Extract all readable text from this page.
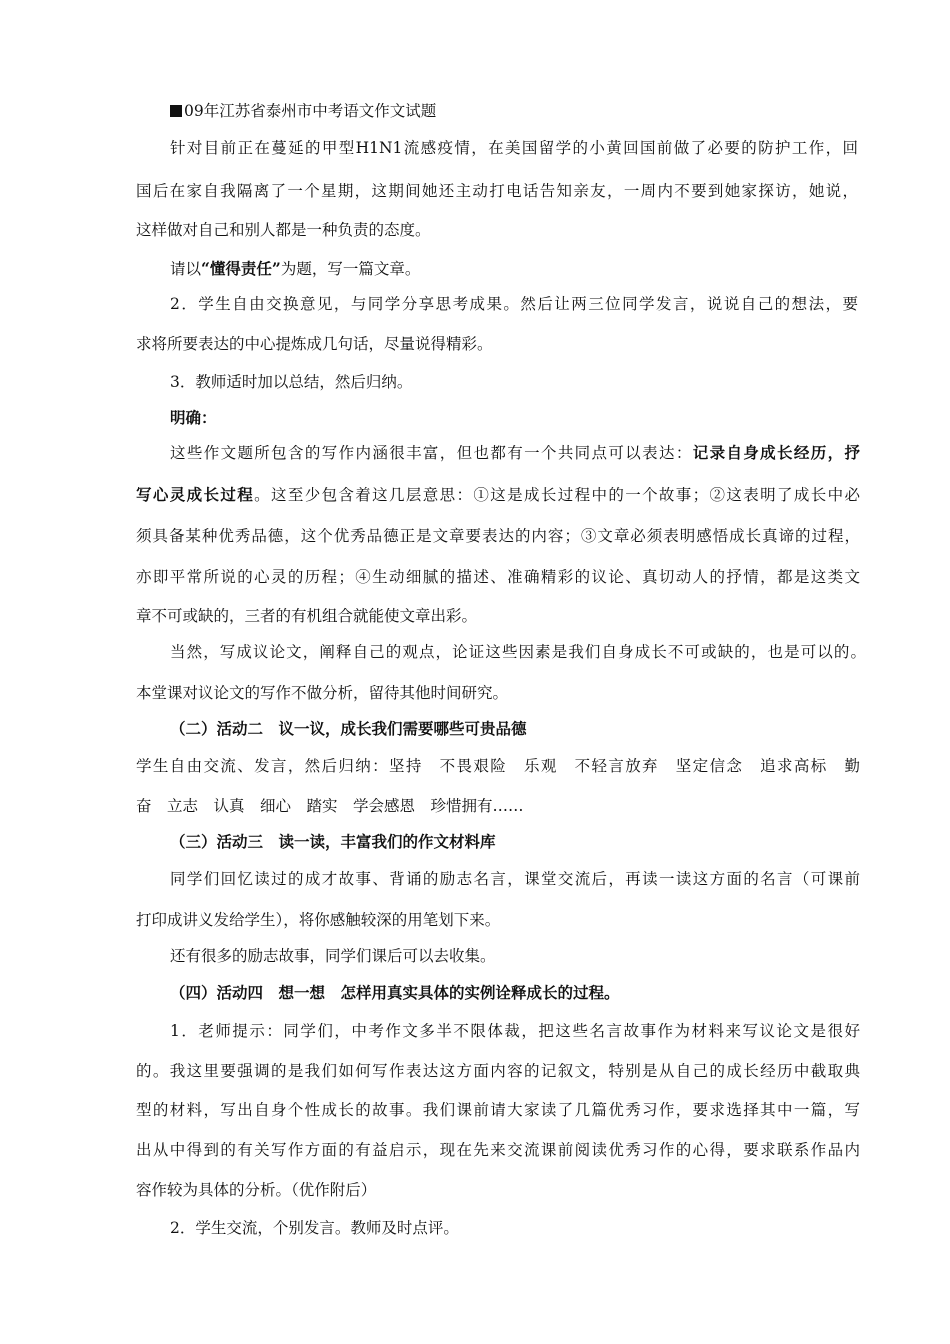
09年江苏省泰州市中考语文作文试题
针对目前正在蔓延的甲型H1N1流感疫情，在美国留学的小黄回国前做了必要的防护工作，回
国后在家自我隔离了一个星期，这期间她还主动打电话告知亲友，一周内不要到她家探访，她说，
这样做对自己和别人都是一种负责的态度。
请以“懂得责任”为题，写一篇文章。
2．学生自由交换意见，与同学分享思考成果。然后让两三位同学发言，说说自己的想法，要
求将所要表达的中心提炼成几句话，尽量说得精彩。
3．教师适时加以总结，然后归纳。
明确：
这些作文题所包含的写作内涵很丰富，但也都有一个共同点可以表达：记录自身成长经历，抒
写心灵成长过程。这至少包含着这几层意思：①这是成长过程中的一个故事；②这表明了成长中必
须具备某种优秀品德，这个优秀品德正是文章要表达的内容；③文章必须表明感悟成长真谛的过程，
亦即平常所说的心灵的历程；④生动细腻的描述、准确精彩的议论、真切动人的抒情，都是这类文
章不可或缺的，三者的有机组合就能使文章出彩。
当然，写成议论文，阐释自己的观点，论证这些因素是我们自身成长不可或缺的，也是可以的。
本堂课对议论文的写作不做分析，留待其他时间研究。
（二）活动二　议一议，成长我们需要哪些可贵品德
学生自由交流、发言，然后归纳：坚持　不畏艰险　乐观　不轻言放弃　坚定信念　追求高标　勤
奋　立志　认真　细心　踏实　学会感恩　珍惜拥有……
（三）活动三　读一读，丰富我们的作文材料库
同学们回忆读过的成才故事、背诵的励志名言，课堂交流后，再读一读这方面的名言（可课前
打印成讲义发给学生），将你感触较深的用笔划下来。
还有很多的励志故事，同学们课后可以去收集。
（四）活动四　想一想　怎样用真实具体的实例诠释成长的过程。
1．老师提示：同学们，中考作文多半不限体裁，把这些名言故事作为材料来写议论文是很好
的。我这里要强调的是我们如何写作表达这方面内容的记叙文，特别是从自己的成长经历中截取典
型的材料，写出自身个性成长的故事。我们课前请大家读了几篇优秀习作，要求选择其中一篇，写
出从中得到的有关写作方面的有益启示，现在先来交流课前阅读优秀习作的心得，要求联系作品内
容作较为具体的分析。（优作附后）
2．学生交流，个别发言。教师及时点评。
